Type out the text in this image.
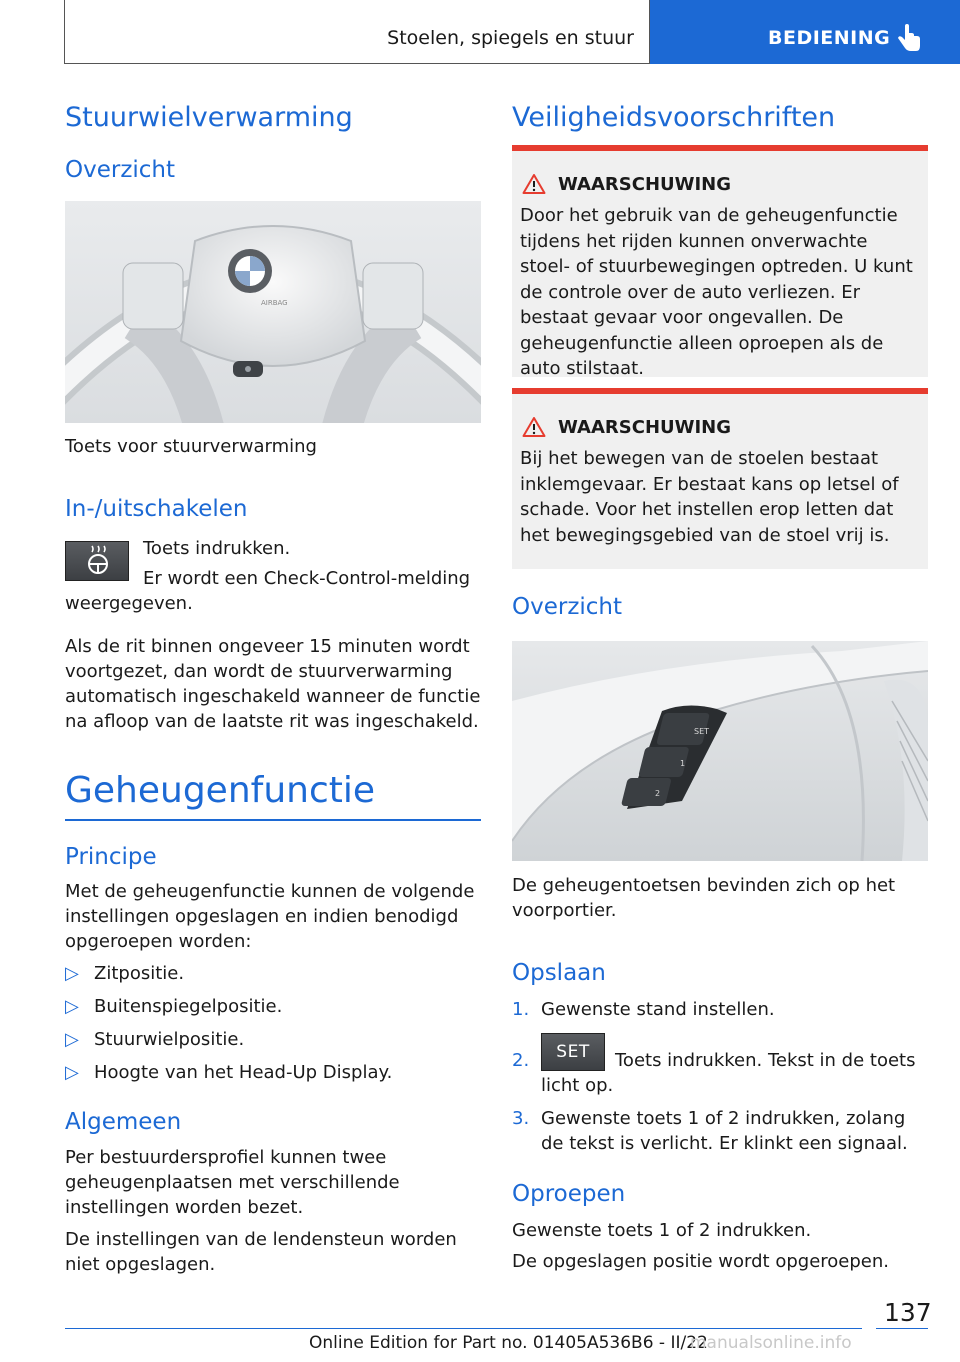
Stoelen, spiegels en stuur	BEDIENING
Stuurwielverwarming
Overzicht
AIRBAG
Toets voor stuurverwarming
In-/uitschakelen
Toets indrukken.
Er wordt een Check-Control-melding weergegeven.
Als de rit binnen ongeveer 15 minuten wordt voortgezet, dan wordt de stuurverwarming automatisch ingeschakeld wanneer de functie na afloop van de laatste rit was ingeschakeld.
Geheugenfunctie
Principe
Met de geheugenfunctie kunnen de volgende instellingen opgeslagen en indien benodigd opgeroepen worden:
▷ Zitpositie.
▷ Buitenspiegelpositie.
▷ Stuurwielpositie.
▷ Hoogte van het Head-Up Display.
Algemeen
Per bestuurdersprofiel kunnen twee geheugenplaatsen met verschillende instellingen worden bezet.
De instellingen van de lendensteun worden niet opgeslagen.
Veiligheidsvoorschriften
WAARSCHUWING
Door het gebruik van de geheugenfunctie tijdens het rijden kunnen onverwachte stoel- of stuurbewegingen optreden. U kunt de controle over de auto verliezen. Er bestaat gevaar voor ongevallen. De geheugenfunctie alleen oproepen als de auto stilstaat.
WAARSCHUWING
Bij het bewegen van de stoelen bestaat inklemgevaar. Er bestaat kans op letsel of schade. Voor het instellen erop letten dat het bewegingsgebied van de stoel vrij is.
Overzicht
SET
1
2
De geheugentoetsen bevinden zich op het voorportier.
Opslaan
1. Gewenste stand instellen.
2.	SET	Toets indrukken. Tekst in de toets licht op.
3. Gewenste toets 1 of 2 indrukken, zolang de tekst is verlicht. Er klinkt een signaal.
Oproepen
Gewenste toets 1 of 2 indrukken.
De opgeslagen positie wordt opgeroepen.
137
Online Edition for Part no. 01405A536B6 - II/22
manualsonline.info
